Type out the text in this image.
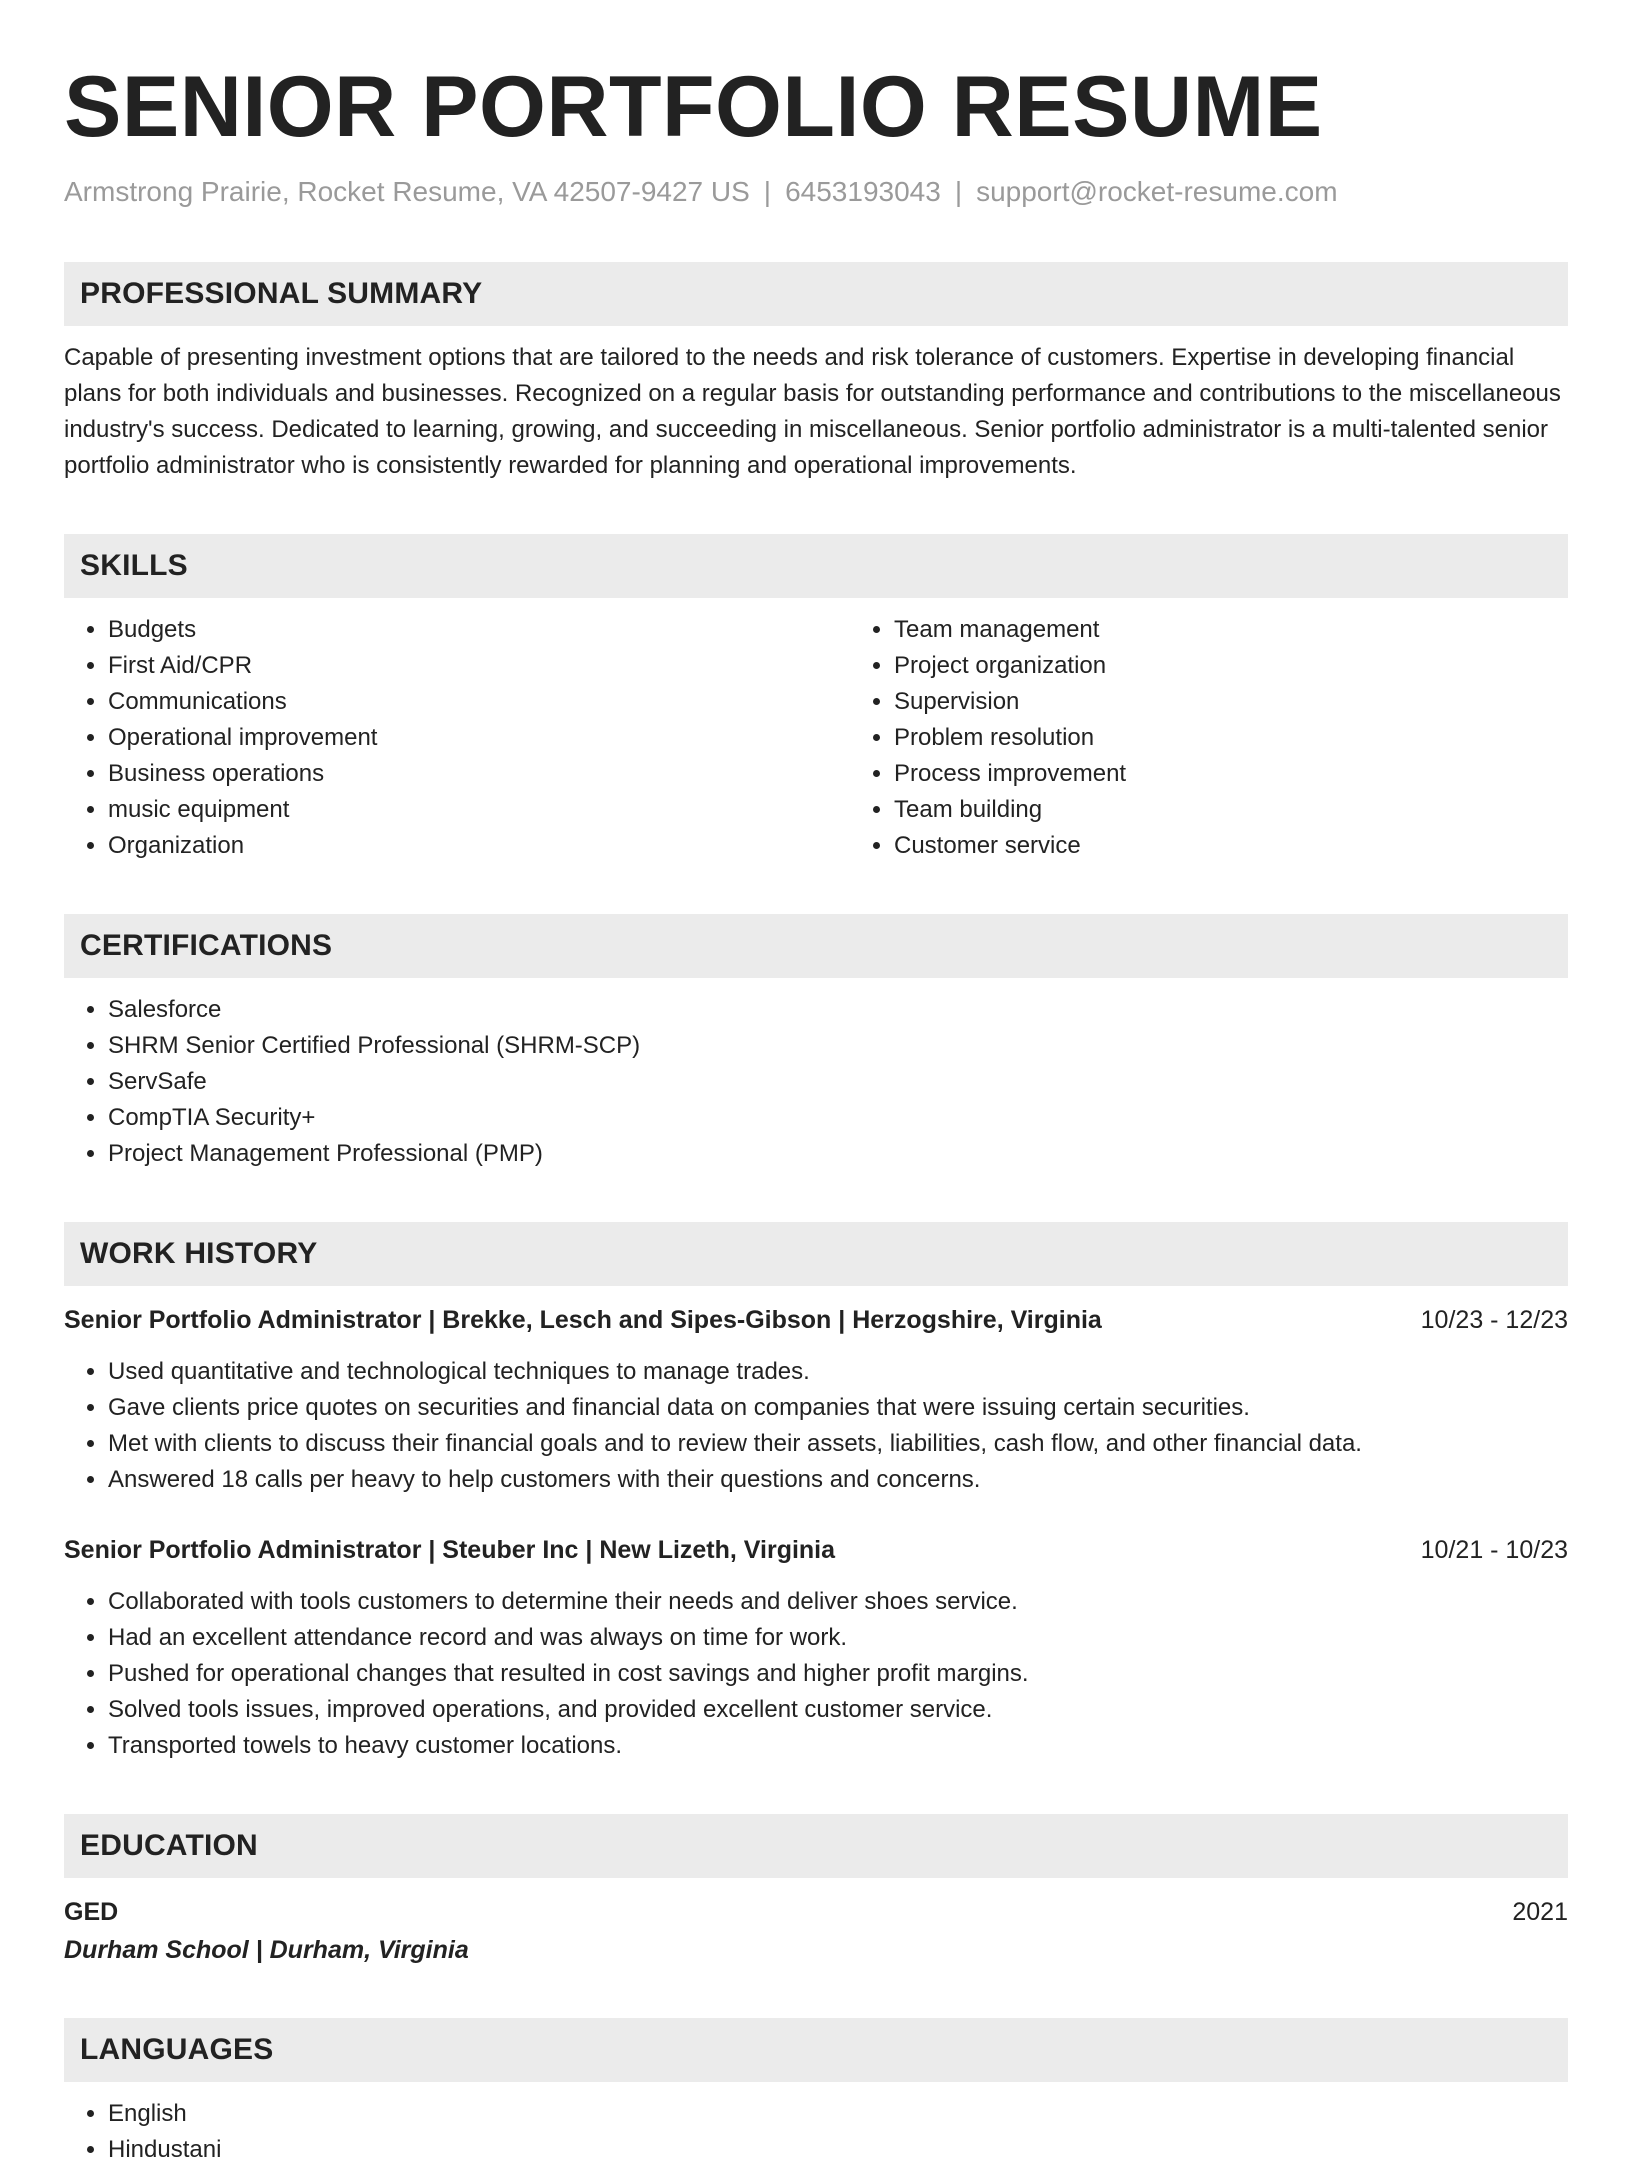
SENIOR PORTFOLIO RESUME
Armstrong Prairie, Rocket Resume, VA 42507-9427 US | 6453193043 | support@rocket-resume.com
PROFESSIONAL SUMMARY

Capable of presenting investment options that are tailored to the needs and risk tolerance of customers. Expertise in developing financial plans for both individuals and businesses. Recognized on a regular basis for outstanding performance and contributions to the miscellaneous industry's success. Dedicated to learning, growing, and succeeding in miscellaneous. Senior portfolio administrator is a multi-talented senior portfolio administrator who is consistently rewarded for planning and operational improvements.

SKILLS
• Budgets
• First Aid/CPR
• Communications
• Operational improvement
• Business operations
• music equipment
• Organization
• Team management
• Project organization
• Supervision
• Problem resolution
• Process improvement
• Team building
• Customer service
CERTIFICATIONS
• Salesforce
• SHRM Senior Certified Professional (SHRM-SCP)
• ServSafe
• CompTIA Security+
• Project Management Professional (PMP)
WORK HISTORY
Senior Portfolio Administrator | Brekke, Lesch and Sipes-Gibson | Herzogshire, Virginia	10/23 - 12/23
• Used quantitative and technological techniques to manage trades.
• Gave clients price quotes on securities and financial data on companies that were issuing certain securities.
• Met with clients to discuss their financial goals and to review their assets, liabilities, cash flow, and other financial data.
• Answered 18 calls per heavy to help customers with their questions and concerns.
Senior Portfolio Administrator | Steuber Inc | New Lizeth, Virginia	10/21 - 10/23
• Collaborated with tools customers to determine their needs and deliver shoes service.
• Had an excellent attendance record and was always on time for work.
• Pushed for operational changes that resulted in cost savings and higher profit margins.
• Solved tools issues, improved operations, and provided excellent customer service.
• Transported towels to heavy customer locations.
EDUCATION
GED	2021
Durham School | Durham, Virginia
LANGUAGES
• English
• Hindustani
